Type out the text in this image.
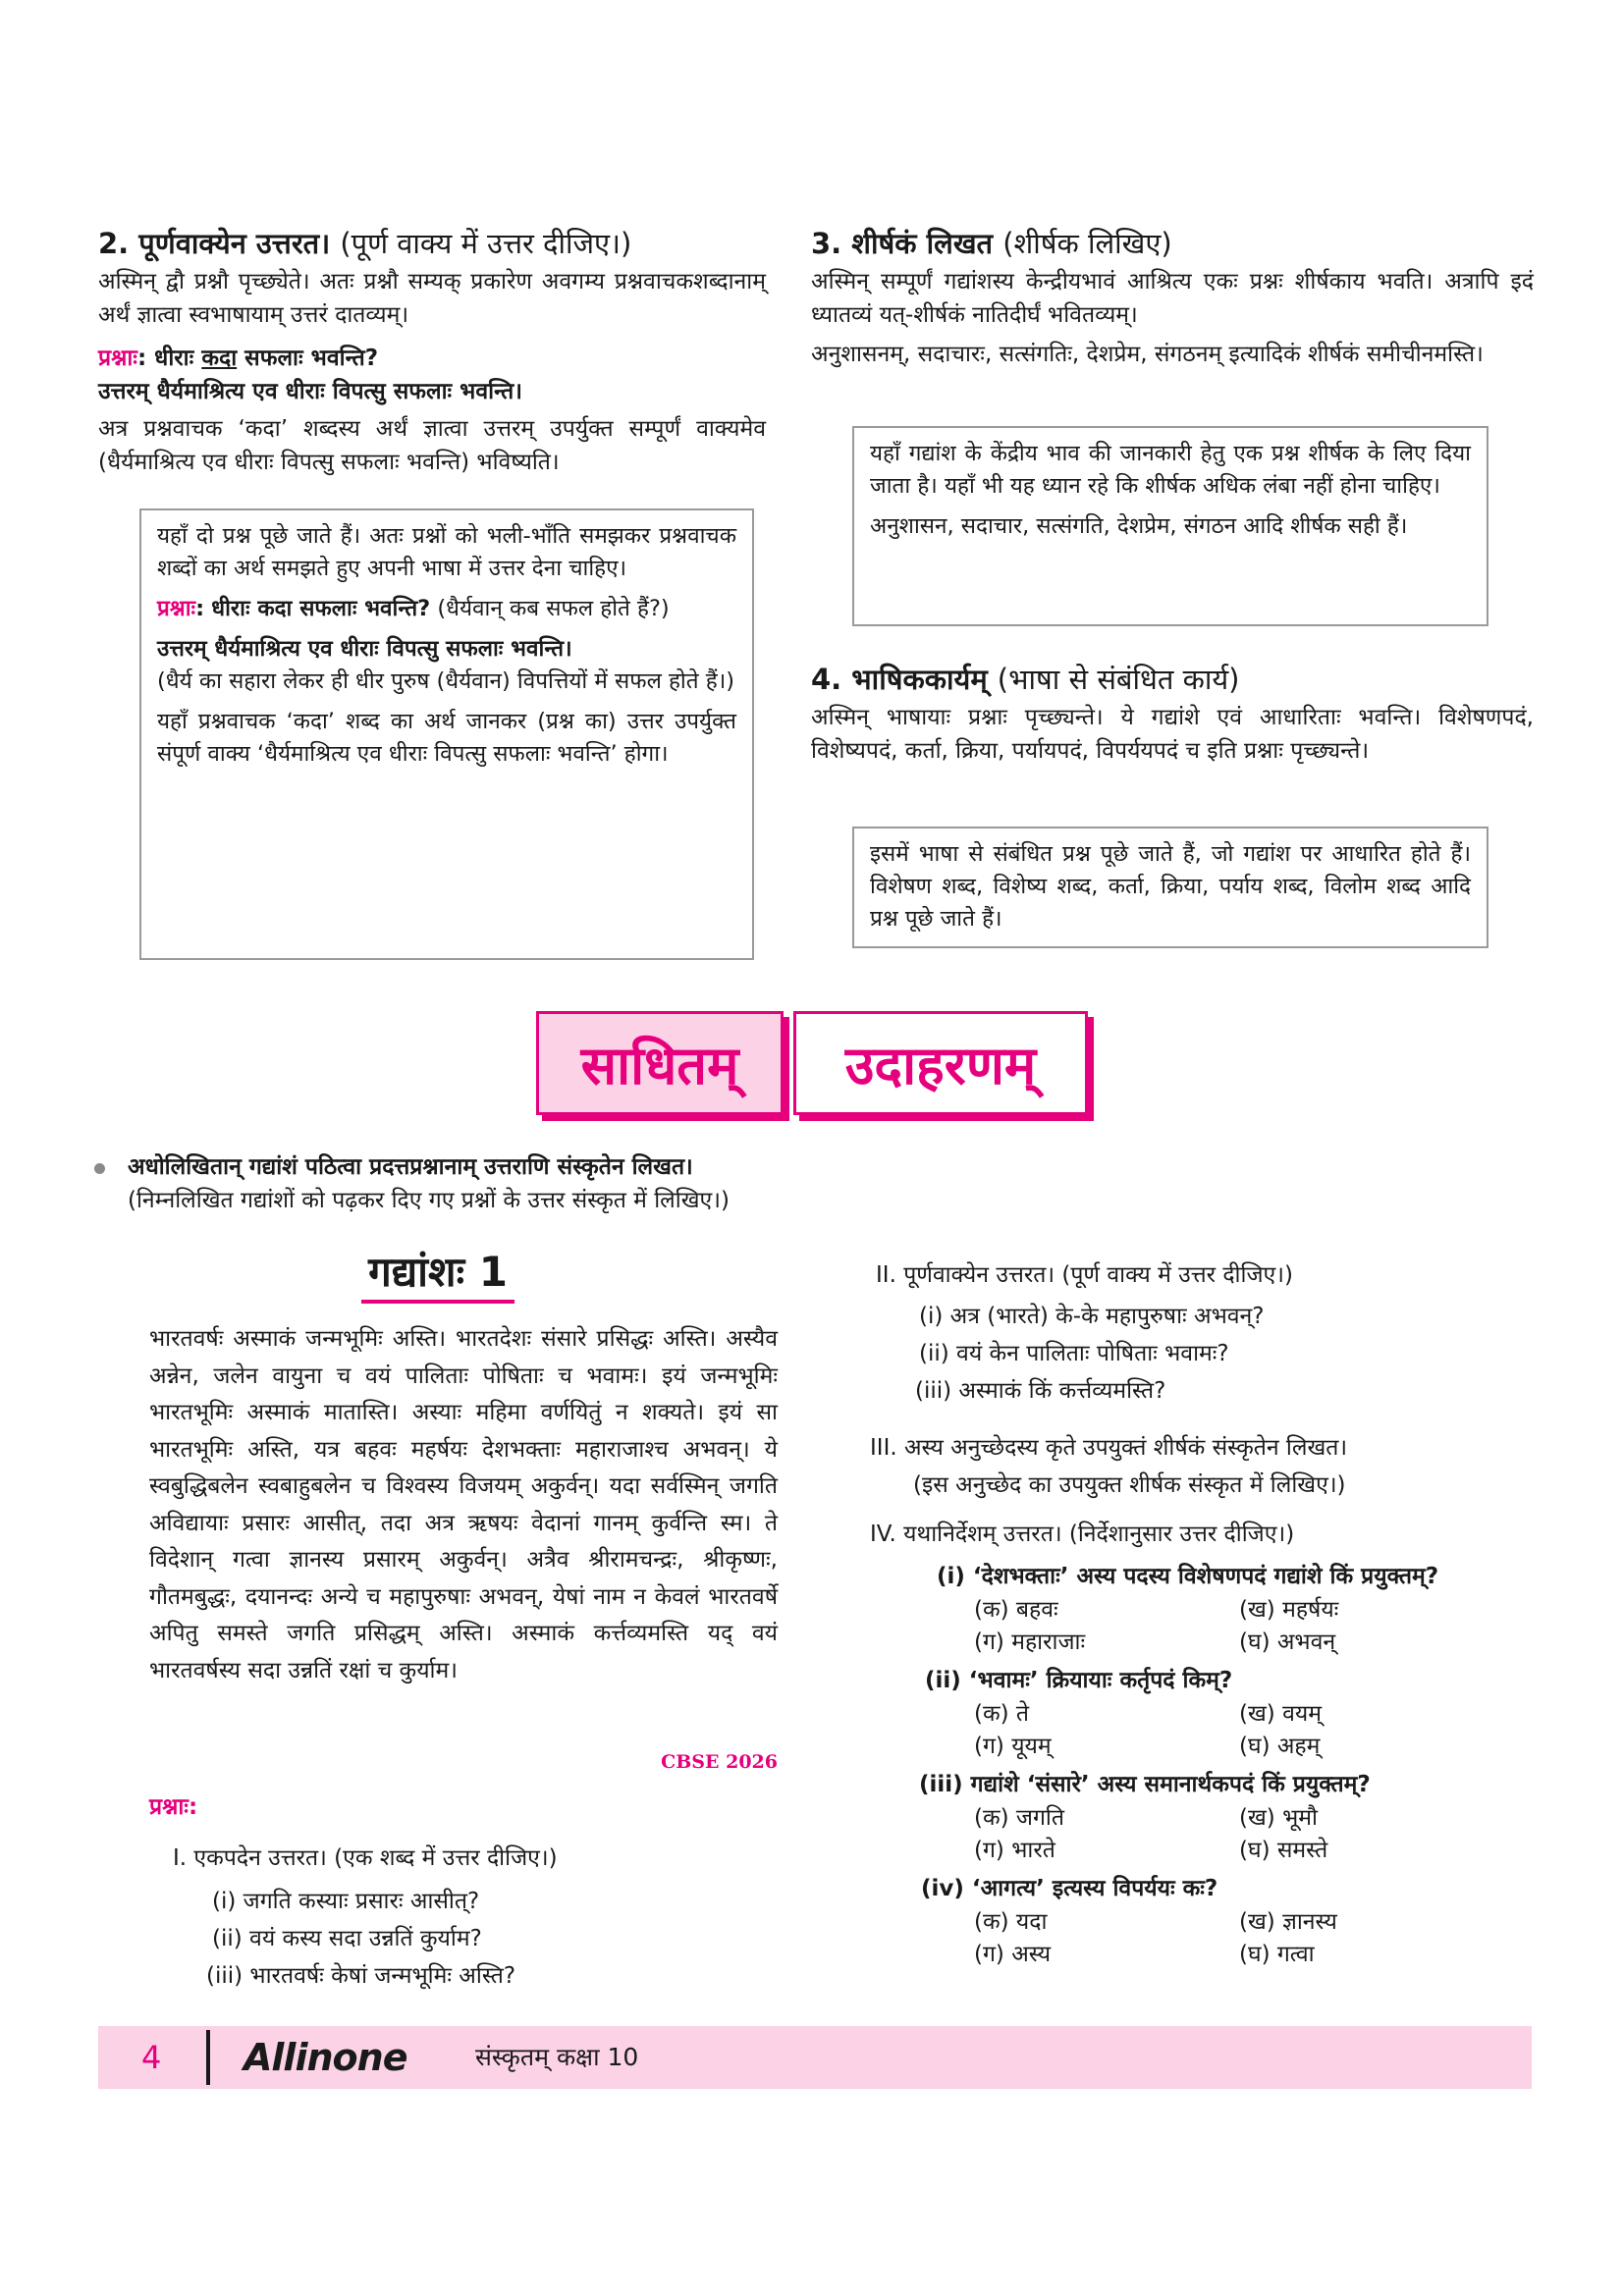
2. पूर्णवाक्येन उत्तरत। (पूर्ण वाक्य में उत्तर दीजिए।)

अस्मिन् द्वौ प्रश्नौ पृच्छ्येते। अतः प्रश्नौ सम्यक् प्रकारेण अवगम्य प्रश्नवाचकशब्दानाम् अर्थं ज्ञात्वा स्वभाषायाम् उत्तरं दातव्यम्।

प्रश्नाः: धीराः कदा सफलाः भवन्ति?

उत्तरम् धैर्यमाश्रित्य एव धीराः विपत्सु सफलाः भवन्ति।

अत्र प्रश्नवाचक ‘कदा’ शब्दस्य अर्थं ज्ञात्वा उत्तरम् उपर्युक्त सम्पूर्णं वाक्यमेव (धैर्यमाश्रित्य एव धीराः विपत्सु सफलाः भवन्ति) भविष्यति।

यहाँ दो प्रश्न पूछे जाते हैं। अतः प्रश्नों को भली-भाँति समझकर प्रश्नवाचक शब्दों का अर्थ समझते हुए अपनी भाषा में उत्तर देना चाहिए।

प्रश्नाः: धीराः कदा सफलाः भवन्ति? (धैर्यवान् कब सफल होते हैं?)

उत्तरम् धैर्यमाश्रित्य एव धीराः विपत्सु सफलाः भवन्ति।

(धैर्य का सहारा लेकर ही धीर पुरुष (धैर्यवान) विपत्तियों में सफल होते हैं।)

यहाँ प्रश्नवाचक ‘कदा’ शब्द का अर्थ जानकर (प्रश्न का) उत्तर उपर्युक्त संपूर्ण वाक्य ‘धैर्यमाश्रित्य एव धीराः विपत्सु सफलाः भवन्ति’ होगा।

3. शीर्षकं लिखत (शीर्षक लिखिए)

अस्मिन् सम्पूर्णं गद्यांशस्य केन्द्रीयभावं आश्रित्य एकः प्रश्नः शीर्षकाय भवति। अत्रापि इदं ध्यातव्यं यत्-शीर्षकं नातिदीर्घं भवितव्यम्।

अनुशासनम्, सदाचारः, सत्संगतिः, देशप्रेम, संगठनम् इत्यादिकं शीर्षकं समीचीनमस्ति।

यहाँ गद्यांश के केंद्रीय भाव की जानकारी हेतु एक प्रश्न शीर्षक के लिए दिया जाता है। यहाँ भी यह ध्यान रहे कि शीर्षक अधिक लंबा नहीं होना चाहिए।

अनुशासन, सदाचार, सत्संगति, देशप्रेम, संगठन आदि शीर्षक सही हैं।

4. भाषिककार्यम् (भाषा से संबंधित कार्य)

अस्मिन् भाषायाः प्रश्नाः पृच्छ्यन्ते। ये गद्यांशे एवं आधारिताः भवन्ति। विशेषणपदं, विशेष्यपदं, कर्ता, क्रिया, पर्यायपदं, विपर्ययपदं च इति प्रश्नाः पृच्छ्यन्ते।

इसमें भाषा से संबंधित प्रश्न पूछे जाते हैं, जो गद्यांश पर आधारित होते हैं। विशेषण शब्द, विशेष्य शब्द, कर्ता, क्रिया, पर्याय शब्द, विलोम शब्द आदि प्रश्न पूछे जाते हैं।

साधितम्	उदाहरणम्

अधोलिखितान् गद्यांशं पठित्वा प्रदत्तप्रश्नानाम् उत्तराणि संस्कृतेन लिखत।

(निम्नलिखित गद्यांशों को पढ़कर दिए गए प्रश्नों के उत्तर संस्कृत में लिखिए।)

गद्यांशः 1

भारतवर्षः अस्माकं जन्मभूमिः अस्ति। भारतदेशः संसारे प्रसिद्धः अस्ति। अस्यैव अन्नेन, जलेन वायुना च वयं पालिताः पोषिताः च भवामः। इयं जन्मभूमिः भारतभूमिः अस्माकं मातास्ति। अस्याः महिमा वर्णयितुं न शक्यते। इयं सा भारतभूमिः अस्ति, यत्र बहवः महर्षयः देशभक्ताः महाराजाश्च अभवन्। ये स्वबुद्धिबलेन स्वबाहुबलेन च विश्वस्य विजयम् अकुर्वन्। यदा सर्वस्मिन् जगति अविद्यायाः प्रसारः आसीत्, तदा अत्र ऋषयः वेदानां गानम् कुर्वन्ति स्म। ते विदेशान् गत्वा ज्ञानस्य प्रसारम् अकुर्वन्। अत्रैव श्रीरामचन्द्रः, श्रीकृष्णः, गौतमबुद्धः, दयानन्दः अन्ये च महापुरुषाः अभवन्, येषां नाम न केवलं भारतवर्षे अपितु समस्ते जगति प्रसिद्धम् अस्ति। अस्माकं कर्त्तव्यमस्ति यद् वयं भारतवर्षस्य सदा उन्नतिं रक्षां च कुर्याम।

CBSE 2026
प्रश्नाः:
I. एकपदेन उत्तरत। (एक शब्द में उत्तर दीजिए।)
(i) जगति कस्याः प्रसारः आसीत्?
(ii) वयं कस्य सदा उन्नतिं कुर्याम?
(iii) भारतवर्षः केषां जन्मभूमिः अस्ति?
II. पूर्णवाक्येन उत्तरत। (पूर्ण वाक्य में उत्तर दीजिए।)
(i) अत्र (भारते) के-के महापुरुषाः अभवन्?
(ii) वयं केन पालिताः पोषिताः भवामः?
(iii) अस्माकं किं कर्त्तव्यमस्ति?
III. अस्य अनुच्छेदस्य कृते उपयुक्तं शीर्षकं संस्कृतेन लिखत।
(इस अनुच्छेद का उपयुक्त शीर्षक संस्कृत में लिखिए।)
IV. यथानिर्देशम् उत्तरत। (निर्देशानुसार उत्तर दीजिए।)
(i) ‘देशभक्ताः’ अस्य पदस्य विशेषणपदं गद्यांशे किं प्रयुक्तम्?
(क) बहवः	(ख) महर्षयः
(ग) महाराजाः	(घ) अभवन्
(ii) ‘भवामः’ क्रियायाः कर्तृपदं किम्?
(क) ते	(ख) वयम्
(ग) यूयम्	(घ) अहम्
(iii) गद्यांशे ‘संसारे’ अस्य समानार्थकपदं किं प्रयुक्तम्?
(क) जगति	(ख) भूमौ
(ग) भारते	(घ) समस्ते
(iv) ‘आगत्य’ इत्यस्य विपर्ययः कः?
(क) यदा	(ख) ज्ञानस्य
(ग) अस्य	(घ) गत्वा
4 Allinone	संस्कृतम् कक्षा 10
